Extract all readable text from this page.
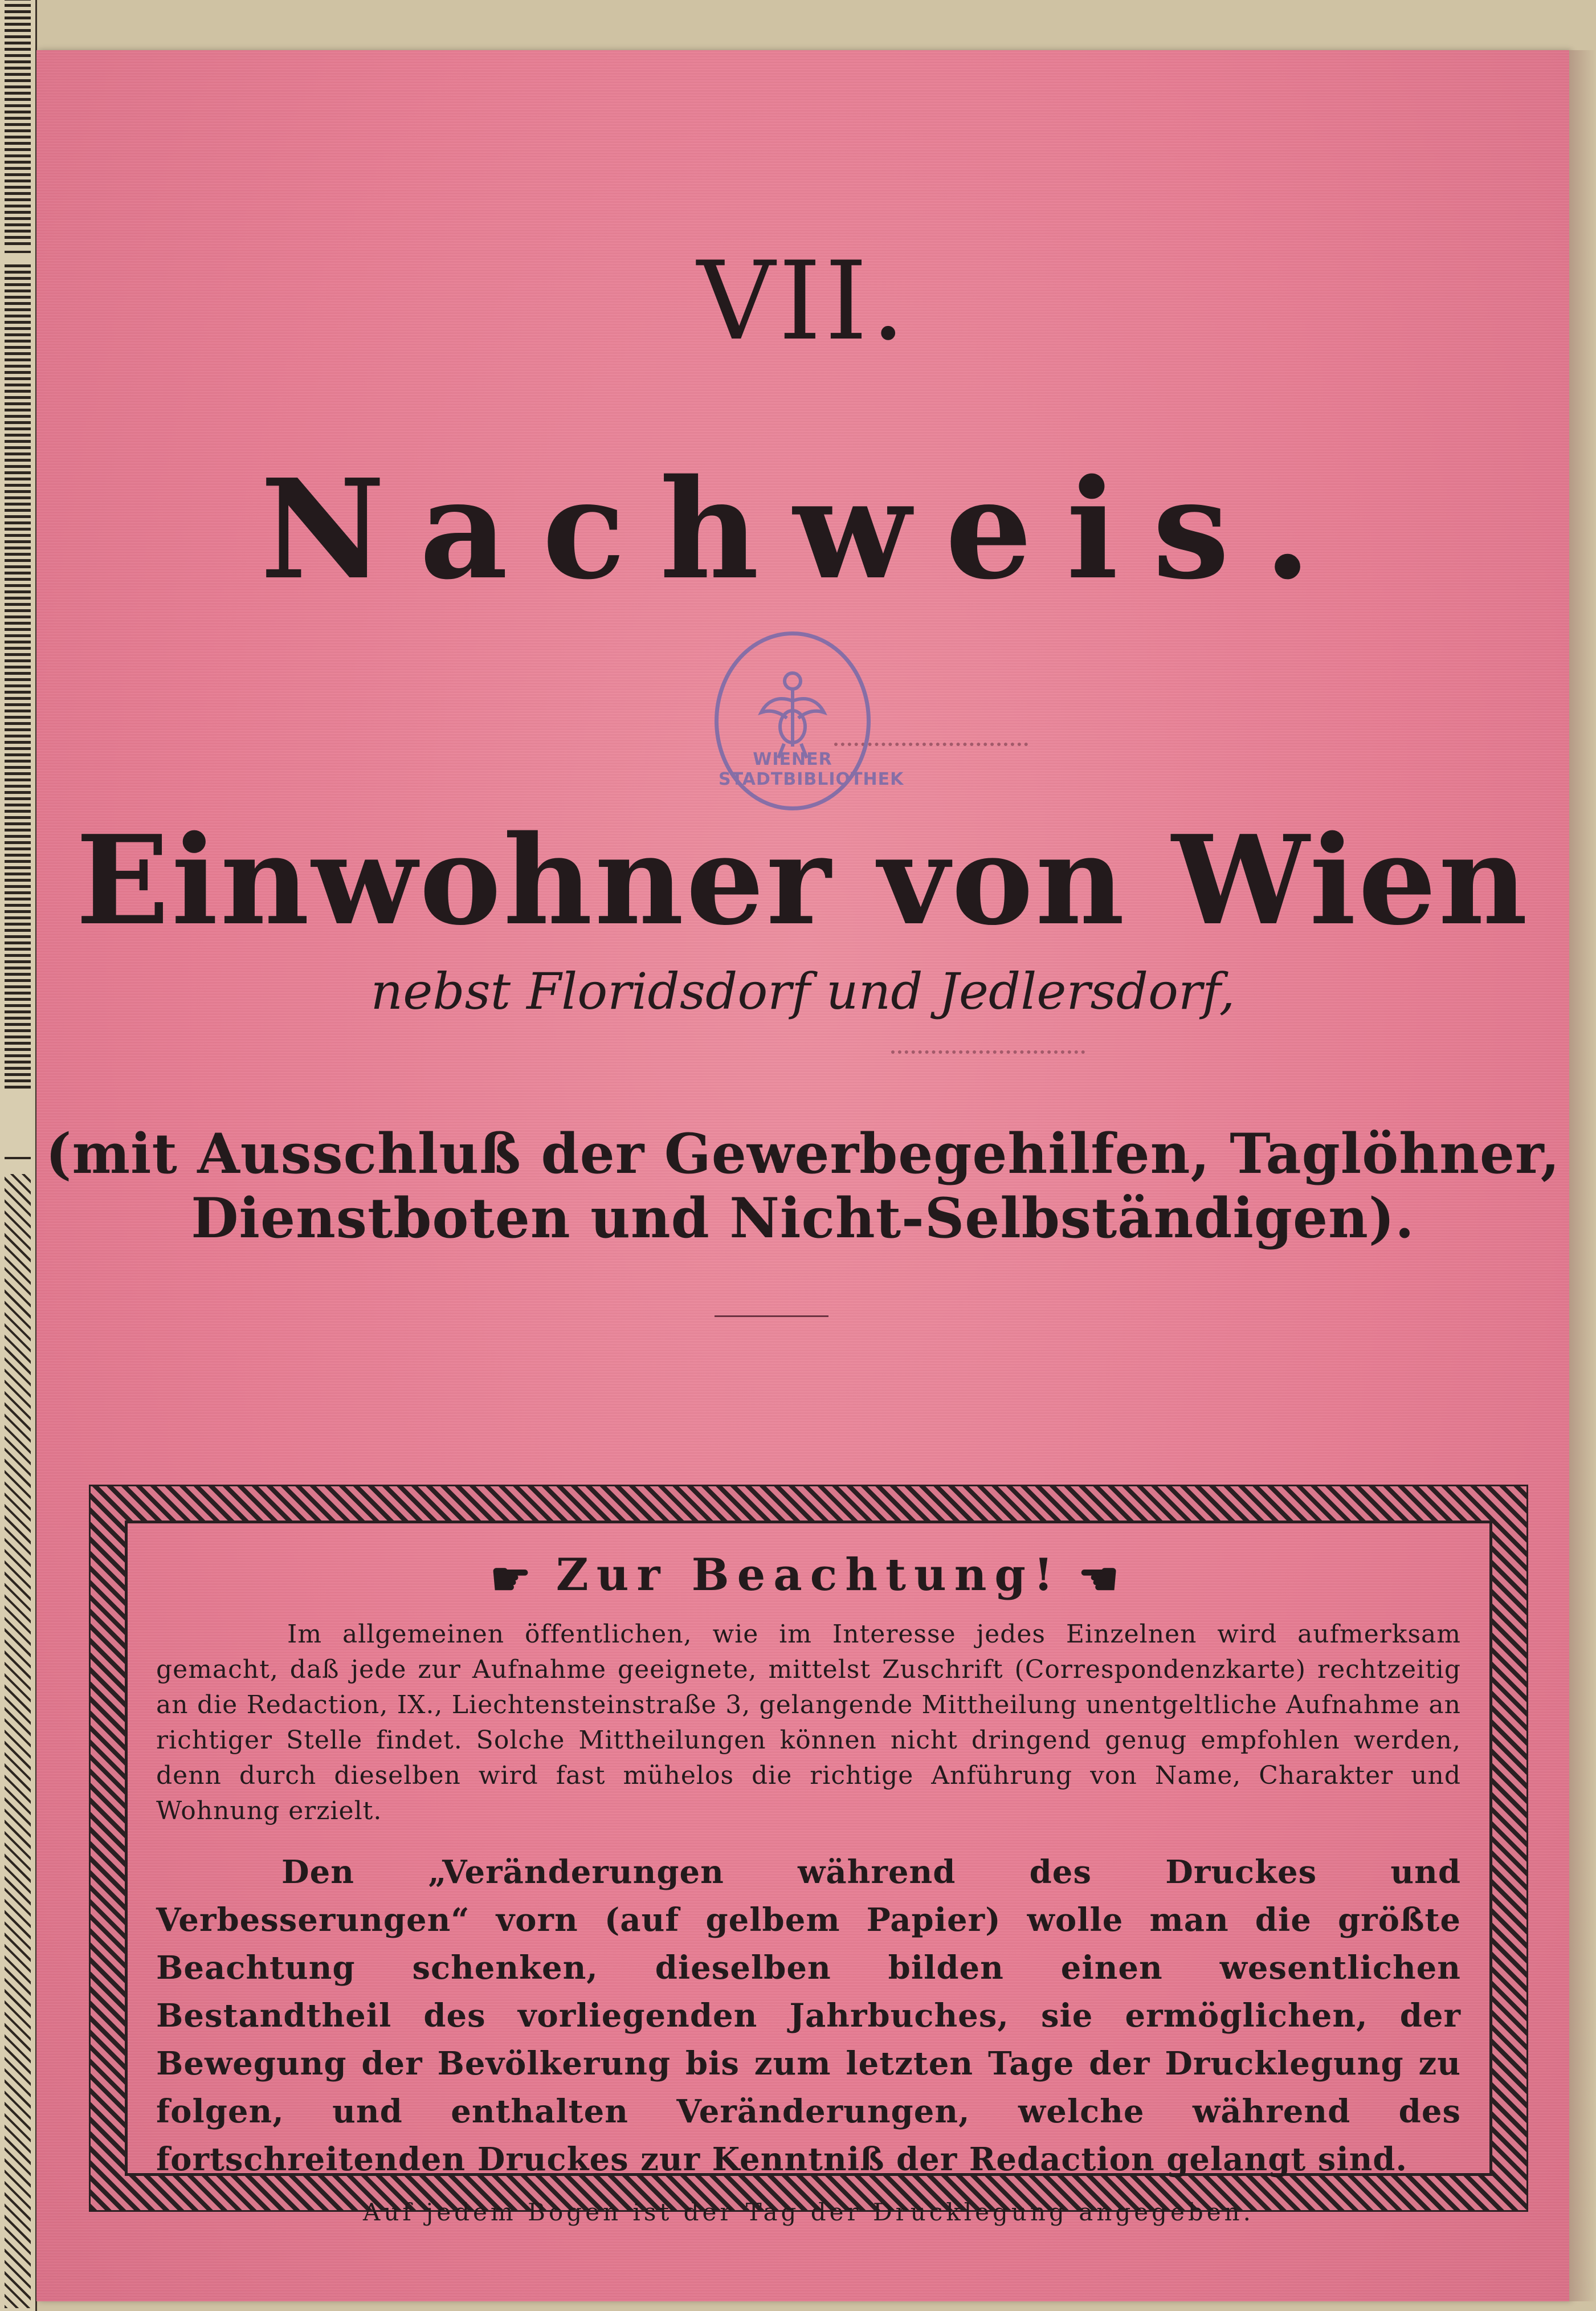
VII.
Nachweis.
WIENER STADTBIBLIOTHEK
Einwohner von Wien
nebst Floridsdorf und Jedlersdorf,
(mit Ausschluß der Gewerbegehilfen, Taglöhner, Dienstboten und Nicht-Selbständigen).
☛ Zur Beachtung! ☚
Im allgemeinen öffentlichen, wie im Interesse jedes Einzelnen wird aufmerksam gemacht, daß jede zur Aufnahme geeignete, mittelst Zuschrift (Correspondenzkarte) rechtzeitig an die Redaction, IX., Liechtensteinstraße 3, gelangende Mittheilung unentgeltliche Aufnahme an richtiger Stelle findet. Solche Mittheilungen können nicht dringend genug empfohlen werden, denn durch dieselben wird fast mühelos die richtige Anführung von Name, Charakter und Wohnung erzielt.
Den „Veränderungen während des Druckes und Verbesserungen“ vorn (auf gelbem Papier) wolle man die größte Beachtung schenken, dieselben bilden einen wesentlichen Bestandtheil des vorliegenden Jahrbuches, sie ermöglichen, der Bewegung der Bevölkerung bis zum letzten Tage der Drucklegung zu folgen, und enthalten Veränderungen, welche während des fortschreitenden Druckes zur Kenntniß der Redaction gelangt sind.
Auf jedem Bogen ist der Tag der Drucklegung angegeben.
